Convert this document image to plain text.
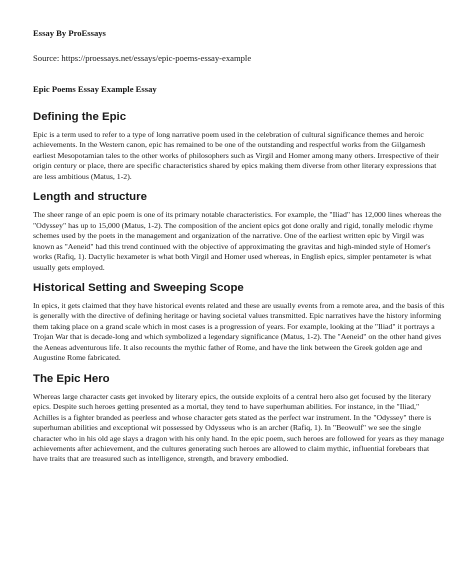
Essay By ProEssays
Source: https://proessays.net/essays/epic-poems-essay-example
Epic Poems Essay Example Essay
Defining the Epic

Epic is a term used to refer to a type of long narrative poem used in the celebration of cultural significance themes and heroic achievements. In the Western canon, epic has remained to be one of the outstanding and respectful works from the Gilgamesh earliest Mesopotamian tales to the other works of philosophers such as Virgil and Homer among many others. Irrespective of their origin century or place, there are specific characteristics shared by epics making them diverse from other literary expressions that are less ambitious (Matus, 1-2).

Length and structure

The sheer range of an epic poem is one of its primary notable characteristics. For example, the "Iliad" has 12,000 lines whereas the "Odyssey" has up to 15,000 (Matus, 1-2). The composition of the ancient epics got done orally and rigid, tonally melodic rhyme schemes used by the poets in the management and organization of the narrative. One of the earliest written epic by Virgil was known as "Aeneid" had this trend continued with the objective of approximating the gravitas and high-minded style of Homer's works (Rafiq, 1). Dactylic hexameter is what both Virgil and Homer used whereas, in English epics, simpler pentameter is what usually gets employed.

Historical Setting and Sweeping Scope

In epics, it gets claimed that they have historical events related and these are usually events from a remote area, and the basis of this is generally with the directive of defining heritage or having societal values transmitted. Epic narratives have the history informing them taking place on a grand scale which in most cases is a progression of years. For example, looking at the "Iliad" it portrays a Trojan War that is decade-long and which symbolized a legendary significance (Matus, 1-2). The "Aeneid" on the other hand gives the Aeneas adventurous life. It also recounts the mythic father of Rome, and have the link between the Greek golden age and Augustine Rome fabricated.

The Epic Hero

Whereas large character casts get invoked by literary epics, the outside exploits of a central hero also get focused by the literary epics. Despite such heroes getting presented as a mortal, they tend to have superhuman abilities. For instance, in the "Iliad," Achilles is a fighter branded as peerless and whose character gets stated as the perfect war instrument. In the "Odyssey" there is superhuman abilities and exceptional wit possessed by Odysseus who is an archer (Rafiq, 1). In "Beowulf" we see the single character who in his old age slays a dragon with his only hand. In the epic poem, such heroes are followed for years as they manage achievements after achievement, and the cultures generating such heroes are allowed to claim mythic, influential forebears that have traits that are treasured such as intelligence, strength, and bravery embodied.
